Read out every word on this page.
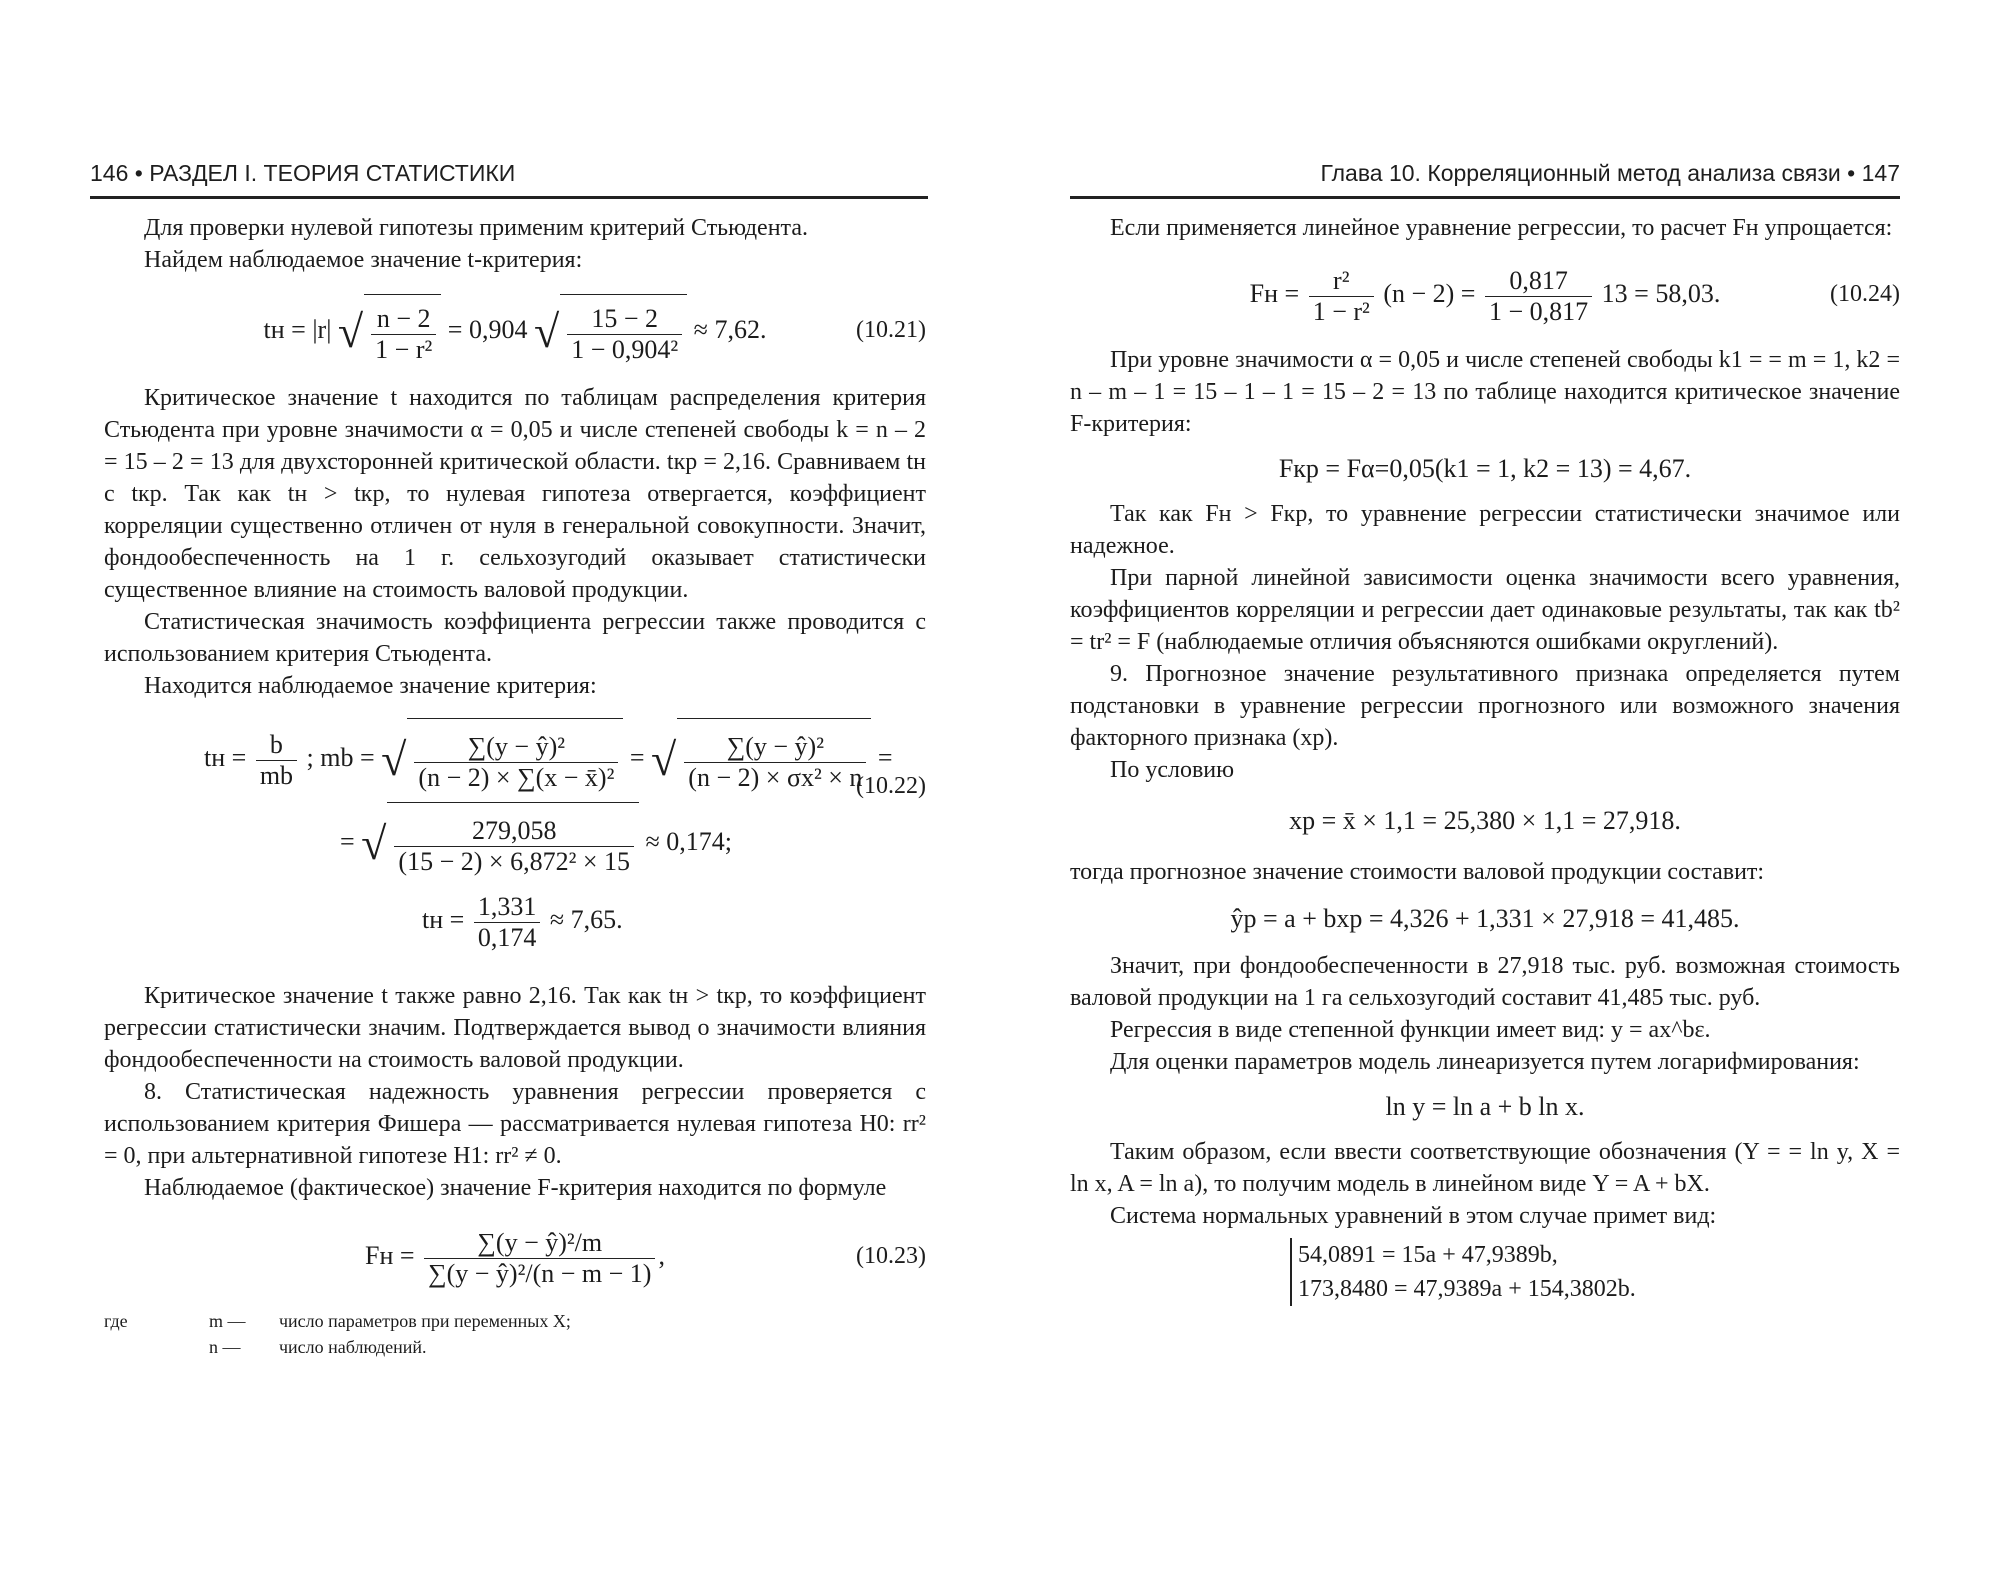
146 • РАЗДЕЛ I. ТЕОРИЯ СТАТИСТИКИ

Для проверки нулевой гипотезы применим критерий Стьюдента.

Найдем наблюдаемое значение t-критерия:

tн = |r| √ $\frac{n - 2}{\text{1 − r²}} = 0,904$ √ $\frac{15 - 2}{\text{1 − 0,904²}} \approx 7,62$.	(10.21)

Критическое значение t находится по таблицам распределения критерия Стьюдента при уровне значимости α = 0,05 и числе степеней свободы k = n – 2 = 15 – 2 = 13 для двухсторонней критической области. tкр = 2,16. Сравниваем tн с tкр. Так как tн > tкр, то нулевая гипотеза отвергается, коэффициент корреляции существенно отличен от нуля в генеральной совокупности. Значит, фондообеспеченность на 1 г. сельхозугодий оказывает статистически существенное влияние на стоимость валовой продукции.

Статистическая значимость коэффициента регрессии также проводится с использованием критерия Стьюдента.

Находится наблюдаемое значение критерия:

tн = $\frac{b}{mb}$ ; mb = √ $\frac{\text{∑(y − ŷ)²}}{\text{(n − 2) × ∑(x − x̄)²}}$ = √ $\frac{\text{∑(y − ŷ)²}}{\text{(n − 2) × σx² × n}}$ =
= √ $\frac{279,058}{\text{(15 − 2) × 6,872² × 15}} \approx 0,174$;
tн = $\frac{1,331}{0,174} \approx 7,65$.
(10.22)

Критическое значение t также равно 2,16. Так как tн > tкр, то коэффициент регрессии статистически значим. Подтверждается вывод о значимости влияния фондообеспеченности на стоимость валовой продукции.

8. Статистическая надежность уравнения регрессии проверяется с использованием критерия Фишера — рассматривается нулевая гипотеза H0: rr² = 0, при альтернативной гипотезе H1: rr² ≠ 0.

Наблюдаемое (фактическое) значение F-критерия находится по формуле

Fн = $\frac{\text{∑(y − ŷ)²/m}}{\text{∑(y − ŷ)²/(n − m − 1)}}$ ,	(10.23)
где	m —	число параметров при переменных X;
n —	число наблюдений.
Глава 10. Корреляционный метод анализа связи • 147

Если применяется линейное уравнение регрессии, то расчет Fн упрощается:

Fн = $\frac{\text{r²}}{\text{1 − r²}} (n - 2) = \frac{0,817}{1 - 0,817} 13 = 58,03$.	(10.24)

При уровне значимости α = 0,05 и числе степеней свободы k1 = = m = 1, k2 = n – m – 1 = 15 – 1 – 1 = 15 – 2 = 13 по таблице находится критическое значение F-критерия:

Fкр = Fα=0,05(k1 = 1, k2 = 13) = 4,67.

Так как Fн > Fкр, то уравнение регрессии статистически значимое или надежное.

При парной линейной зависимости оценка значимости всего уравнения, коэффициентов корреляции и регрессии дает одинаковые результаты, так как tb² = tr² = F (наблюдаемые отличия объясняются ошибками округлений).

9. Прогнозное значение результативного признака определяется путем подстановки в уравнение регрессии прогнозного или возможного значения факторного признака (xp).

По условию

xp = x̄ × 1,1 = 25,380 × 1,1 = 27,918.

тогда прогнозное значение стоимости валовой продукции составит:

ŷp = a + bxp = 4,326 + 1,331 × 27,918 = 41,485.

Значит, при фондообеспеченности в 27,918 тыс. руб. возможная стоимость валовой продукции на 1 га сельхозугодий составит 41,485 тыс. руб.

Регрессия в виде степенной функции имеет вид: y = ax^bε.

Для оценки параметров модель линеаризуется путем логарифмирования:

ln y = ln a + b ln x.

Таким образом, если ввести соответствующие обозначения (Y = = ln y, X = ln x, A = ln a), то получим модель в линейном виде Y = A + bX.

Система нормальных уравнений в этом случае примет вид:

54,0891 = 15a + 47,9389b,
173,8480 = 47,9389a + 154,3802b.
